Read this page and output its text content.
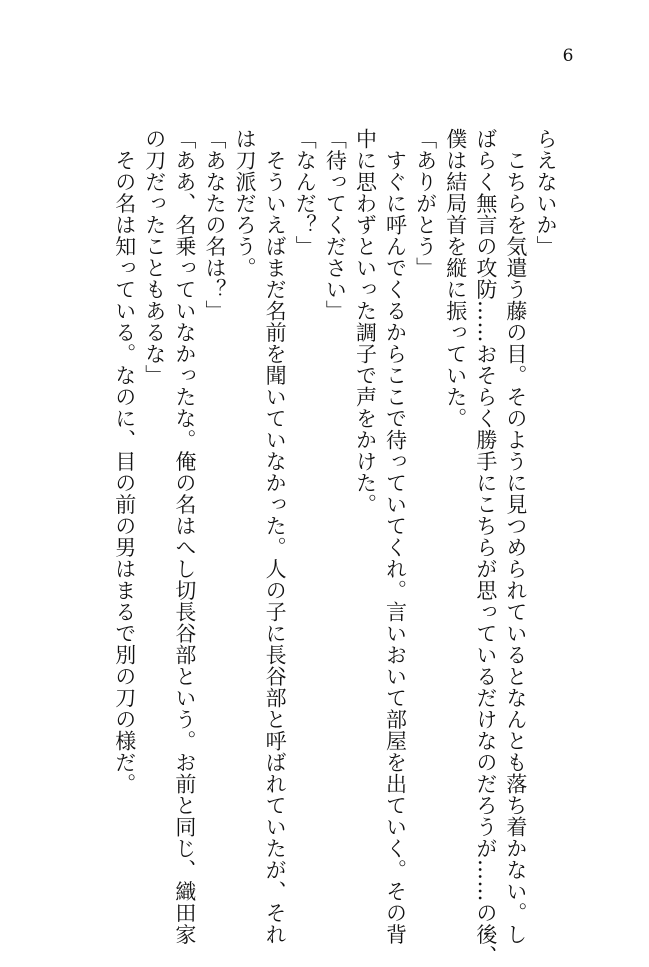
6
らえないか」
　こちらを気遣う藤の目。そのように見つめられているとなんとも落ち着かない。し
ばらく無言の攻防……おそらく勝手にこちらが思っているだけなのだろうが……の後、
僕は結局首を縦に振っていた。
「ありがとう」
　すぐに呼んでくるからここで待っていてくれ。言いおいて部屋を出ていく。その背
中に思わずといった調子で声をかけた。
「待ってください」
「なんだ？」
　そういえばまだ名前を聞いていなかった。人の子に長谷部と呼ばれていたが、それ
は刀派だろう。
「あなたの名は？」
「ああ、名乗っていなかったな。俺の名はへし切長谷部という。お前と同じ、織田家
の刀だったこともあるな」
　その名は知っている。なのに、目の前の男はまるで別の刀の様だ。
